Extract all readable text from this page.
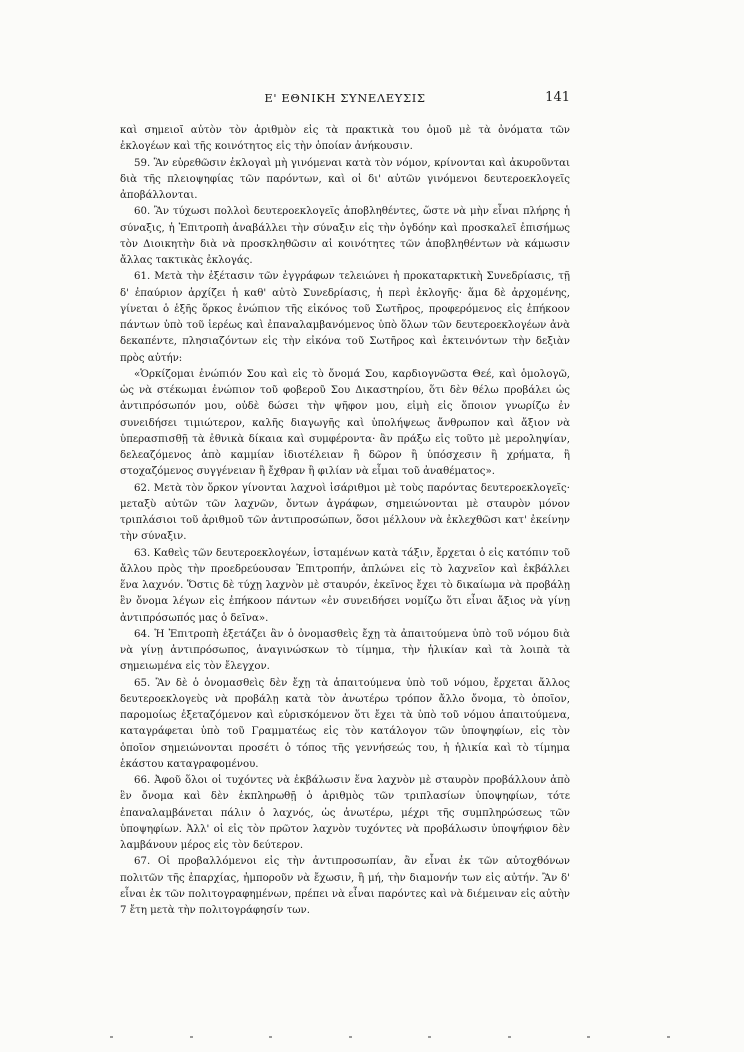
Ε' ΕΘΝΙΚΗ ΣΥΝΕΛΕΥΣΙΣ	141

καὶ σημειοῖ αὐτὸν τὸν ἀριθμὸν εἰς τὰ πρακτικὰ του ὁμοῦ μὲ τὰ ὀνόματα τῶν ἐκλογέων καὶ τῆς κοινότητος εἰς τὴν ὁποίαν ἀνήκουσιν.

59. Ἂν εὑρεθῶσιν ἐκλογαὶ μὴ γινόμεναι κατὰ τὸν νόμον, κρίνονται καὶ ἀκυροῦνται διὰ τῆς πλειοψηφίας τῶν παρόντων, καὶ οἱ δι' αὐτῶν γινόμενοι δευτεροεκλογεῖς ἀποβάλλονται.

60. Ἂν τύχωσι πολλοὶ δευτεροεκλογεῖς ἀποβληθέντες, ὥστε νὰ μὴν εἶναι πλήρης ἡ σύναξις, ἡ Ἐπιτροπὴ ἀναβάλλει τὴν σύναξιν εἰς τὴν ὀγδόην καὶ προσκαλεῖ ἐπισήμως τὸν Διοικητὴν διὰ νὰ προσκληθῶσιν αἱ κοινότητες τῶν ἀποβληθέντων νὰ κάμωσιν ἄλλας τακτικὰς ἐκλογάς.

61. Μετὰ τὴν ἐξέτασιν τῶν ἐγγράφων τελειώνει ἡ προκαταρκτικὴ Συνεδρίασις, τῇ δ' ἐπαύριον ἀρχίζει ἡ καθ' αὑτὸ Συνεδρίασις, ἡ περὶ ἐκλογῆς· ἅμα δὲ ἀρχομένης, γίνεται ὁ ἑξῆς ὅρκος ἐνώπιον τῆς εἰκόνος τοῦ Σωτῆρος, προφερόμενος εἰς ἐπήκοον πάντων ὑπὸ τοῦ ἱερέως καὶ ἐπαναλαμβανόμενος ὑπὸ ὅλων τῶν δευτεροεκλογέων ἀνὰ δεκαπέντε, πλησιαζόντων εἰς τὴν εἰκόνα τοῦ Σωτῆρος καὶ ἐκτεινόντων τὴν δεξιὰν πρὸς αὐτήν:

«Ὁρκίζομαι ἐνώπιόν Σου καὶ εἰς τὸ ὄνομά Σου, καρδιογνῶστα Θεέ, καὶ ὁμολογῶ, ὡς νὰ στέκωμαι ἐνώπιον τοῦ φοβεροῦ Σου Δικαστηρίου, ὅτι δὲν θέλω προβάλει ὡς ἀντιπρόσωπόν μου, οὐδὲ δώσει τὴν ψῆφον μου, εἰμὴ εἰς ὅποιον γνωρίζω ἐν συνειδήσει τιμιώτερον, καλῆς διαγωγῆς καὶ ὑπολήψεως ἄνθρωπον καὶ ἄξιον νὰ ὑπερασπισθῇ τὰ ἐθνικὰ δίκαια καὶ συμφέροντα· ἂν πράξω εἰς τοῦτο μὲ μεροληψίαν, δελεαζόμενος ἀπὸ καμμίαν ἰδιοτέλειαν ἢ δῶρον ἢ ὑπόσχεσιν ἢ χρήματα, ἢ στοχαζόμενος συγγένειαν ἢ ἔχθραν ἢ φιλίαν νὰ εἶμαι τοῦ ἀναθέματος».

62. Μετὰ τὸν ὅρκον γίνονται λαχνοὶ ἰσάριθμοι μὲ τοὺς παρόντας δευτεροεκλογεῖς· μεταξὺ αὐτῶν τῶν λαχνῶν, ὄντων ἀγράφων, σημειώνονται μὲ σταυρὸν μόνον τριπλάσιοι τοῦ ἀριθμοῦ τῶν ἀντιπροσώπων, ὅσοι μέλλουν νὰ ἐκλεχθῶσι κατ' ἐκείνην τὴν σύναξιν.

63. Καθεὶς τῶν δευτεροεκλογέων, ἱσταμένων κατὰ τάξιν, ἔρχεται ὁ εἰς κατόπιν τοῦ ἄλλου πρὸς τὴν προεδρεύουσαν Ἐπιτροπήν, ἁπλώνει εἰς τὸ λαχνεῖον καὶ ἐκβάλλει ἕνα λαχνόν. Ὅστις δὲ τύχῃ λαχνὸν μὲ σταυρόν, ἐκεῖνος ἔχει τὸ δικαίωμα νὰ προβάλῃ ἓν ὄνομα λέγων εἰς ἐπήκοον πάντων «ἐν συνειδήσει νομίζω ὅτι εἶναι ἄξιος νὰ γίνῃ ἀντιπρόσωπός μας ὁ δεῖνα».

64. Ἡ Ἐπιτροπὴ ἐξετάζει ἂν ὁ ὀνομασθεὶς ἔχῃ τὰ ἀπαιτούμενα ὑπὸ τοῦ νόμου διὰ νὰ γίνῃ ἀντιπρόσωπος, ἀναγινώσκων τὸ τίμημα, τὴν ἡλικίαν καὶ τὰ λοιπὰ τὰ σημειωμένα εἰς τὸν ἔλεγχον.

65. Ἂν δὲ ὁ ὀνομασθεὶς δὲν ἔχῃ τὰ ἀπαιτούμενα ὑπὸ τοῦ νόμου, ἔρχεται ἄλλος δευτεροεκλογεὺς νὰ προβάλῃ κατὰ τὸν ἀνωτέρω τρόπον ἄλλο ὄνομα, τὸ ὁποῖον, παρομοίως ἐξεταζόμενον καὶ εὑρισκόμενον ὅτι ἔχει τὰ ὑπὸ τοῦ νόμου ἀπαιτούμενα, καταγράφεται ὑπὸ τοῦ Γραμματέως εἰς τὸν κατάλογον τῶν ὑποψηφίων, εἰς τὸν ὁποῖον σημειώνονται προσέτι ὁ τόπος τῆς γεννήσεώς του, ἡ ἡλικία καὶ τὸ τίμημα ἑκάστου καταγραφομένου.

66. Ἀφοῦ ὅλοι οἱ τυχόντες νὰ ἐκβάλωσιν ἕνα λαχνὸν μὲ σταυρὸν προβάλλουν ἀπὸ ἓν ὄνομα καὶ δὲν ἐκπληρωθῇ ὁ ἀριθμὸς τῶν τριπλασίων ὑποψηφίων, τότε ἐπαναλαμβάνεται πάλιν ὁ λαχνός, ὡς ἀνωτέρω, μέχρι τῆς συμπληρώσεως τῶν ὑποψηφίων. Ἀλλ' οἱ εἰς τὸν πρῶτον λαχνὸν τυχόντες νὰ προβάλωσιν ὑποψήφιον δὲν λαμβάνουν μέρος εἰς τὸν δεύτερον.

67. Οἱ προβαλλόμενοι εἰς τὴν ἀντιπροσωπίαν, ἂν εἶναι ἐκ τῶν αὐτοχθόνων πολιτῶν τῆς ἐπαρχίας, ἠμποροῦν νὰ ἔχωσιν, ἢ μή, τὴν διαμονήν των εἰς αὐτήν. Ἂν δ' εἶναι ἐκ τῶν πολιτογραφημένων, πρέπει νὰ εἶναι παρόντες καὶ νὰ διέμειναν εἰς αὐτὴν 7 ἔτη μετὰ τὴν πολιτογράφησίν των.
